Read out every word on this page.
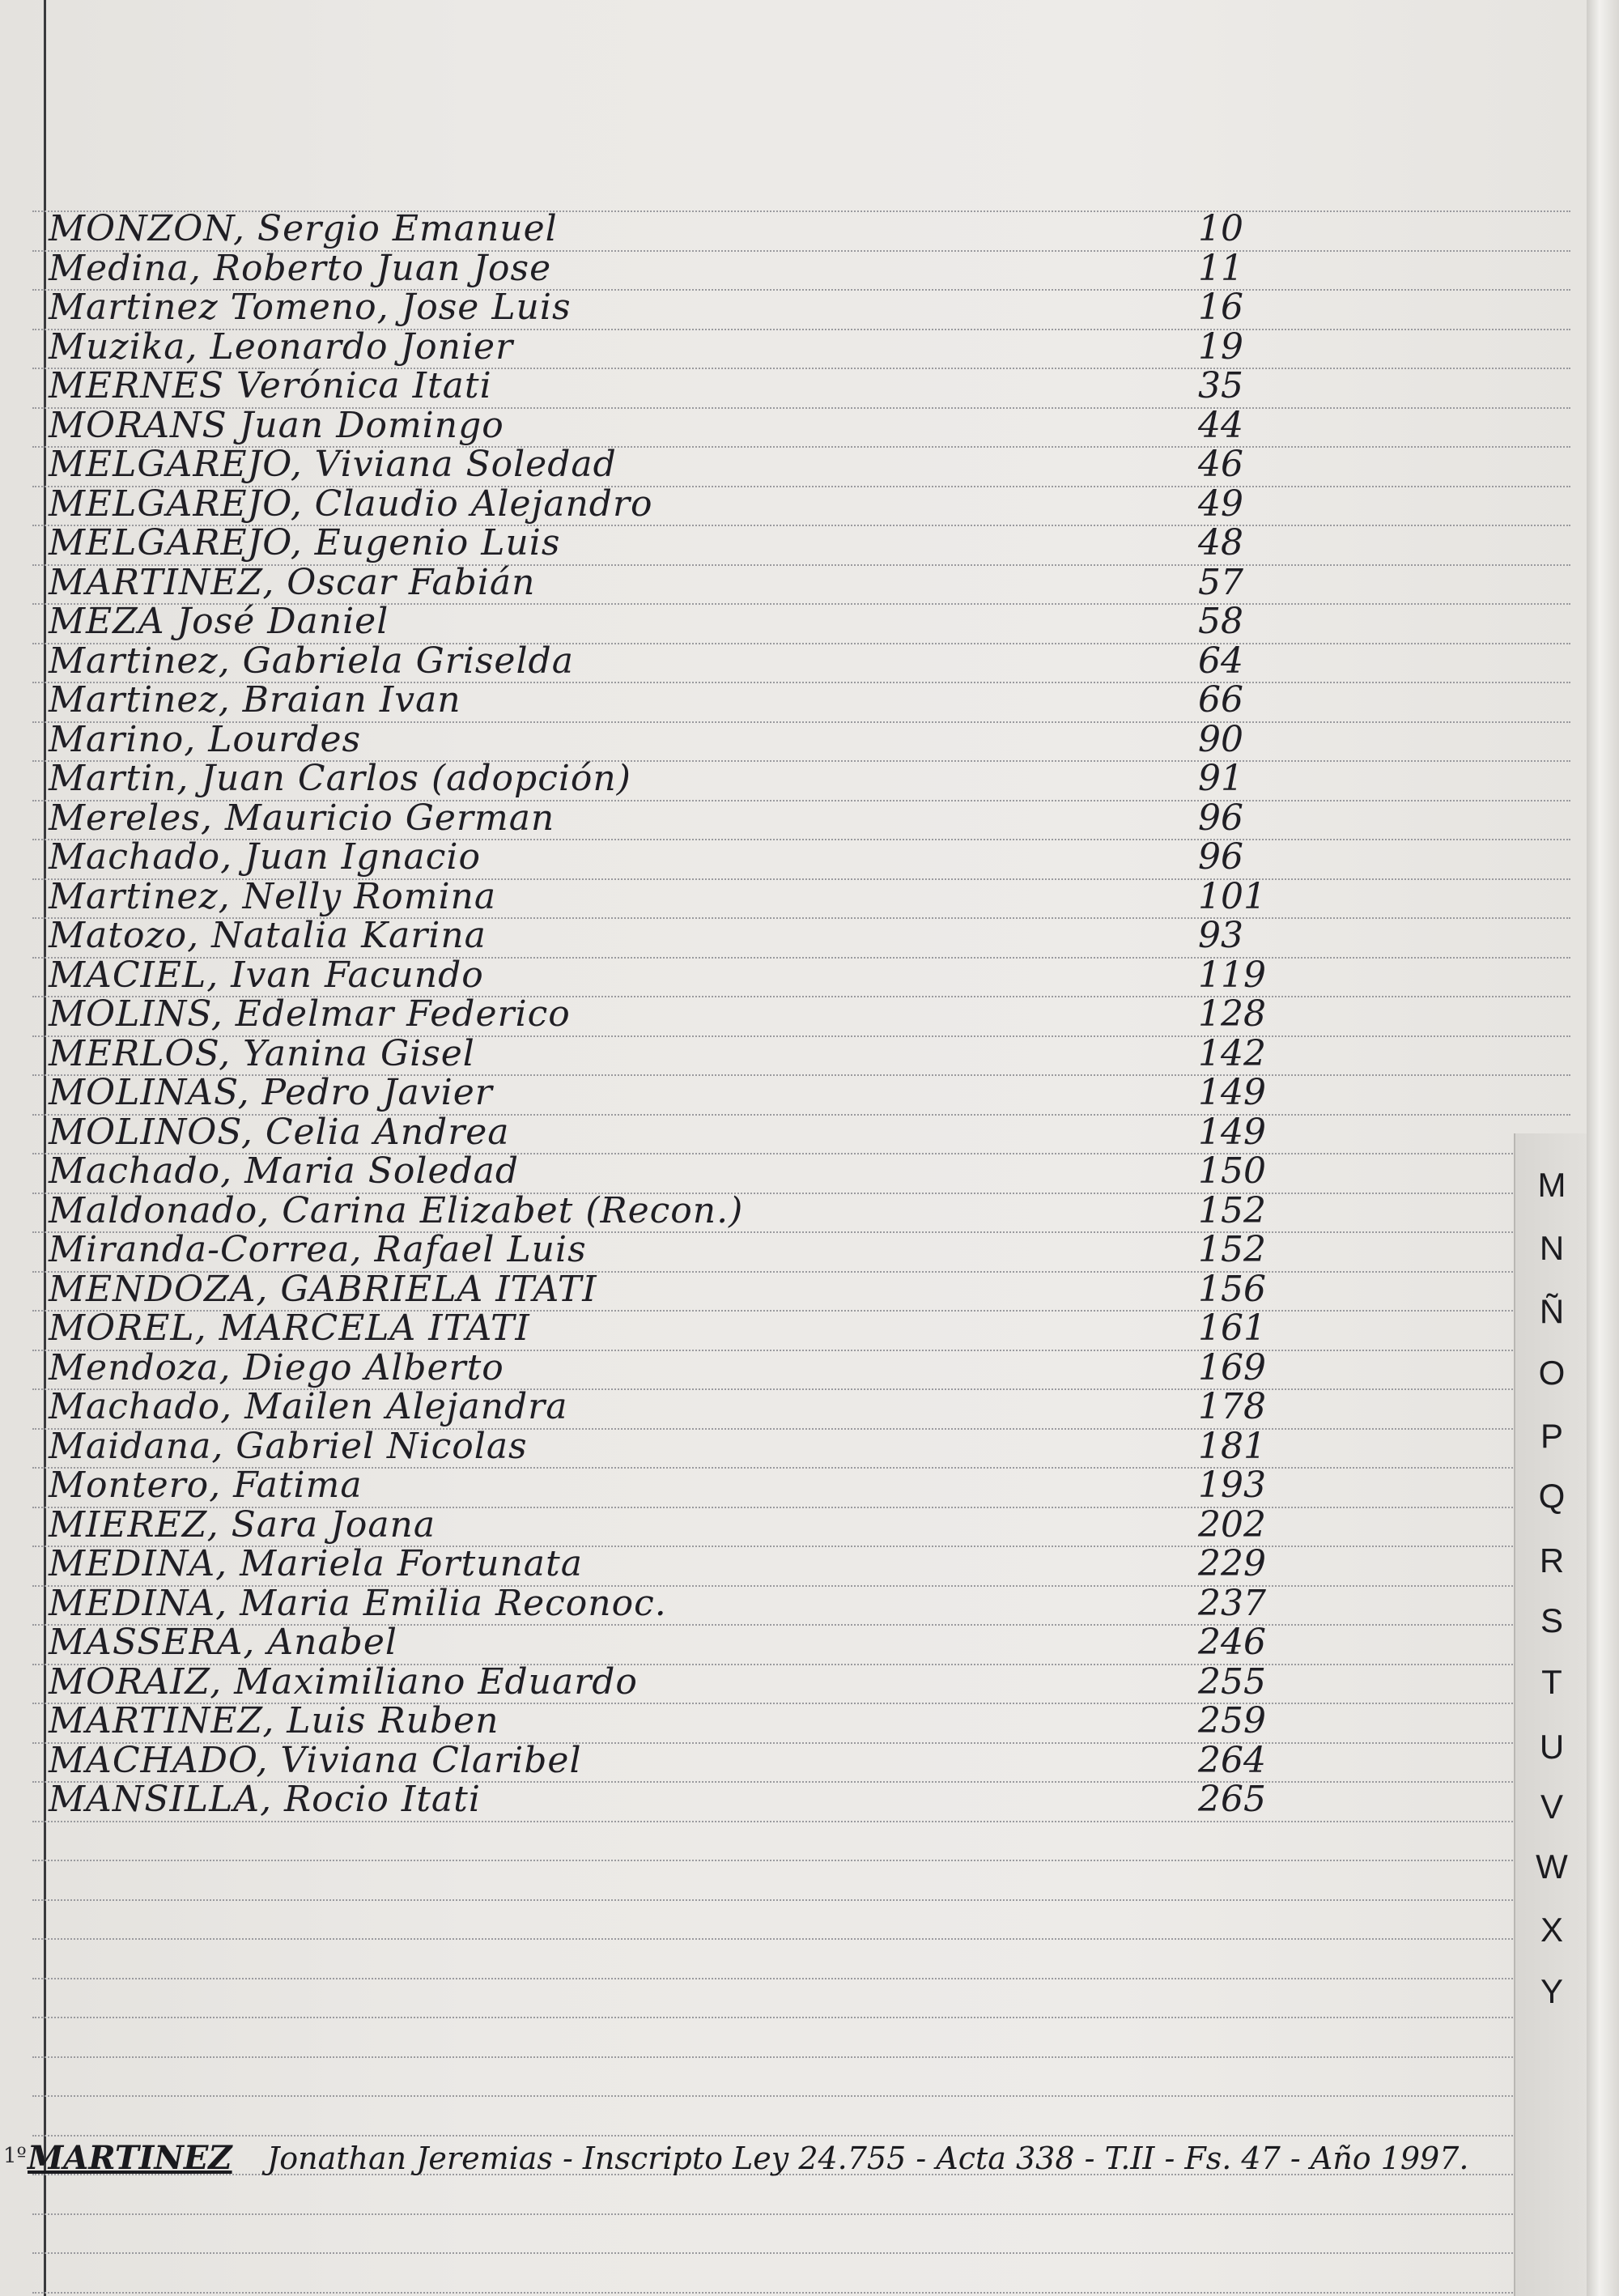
MONZON, Sergio Emanuel	10
Medina, Roberto Juan Jose	11
Martinez Tomeno, Jose Luis	16
Muzika, Leonardo Jonier	19
MERNES Verónica Itati	35
MORANS Juan Domingo	44
MELGAREJO, Viviana Soledad	46
MELGAREJO, Claudio Alejandro	49
MELGAREJO, Eugenio Luis	48
MARTINEZ, Oscar Fabián	57
MEZA José Daniel	58
Martinez, Gabriela Griselda	64
Martinez, Braian Ivan	66
Marino, Lourdes	90
Martin, Juan Carlos (adopción)	91
Mereles, Mauricio German	96
Machado, Juan Ignacio	96
Martinez, Nelly Romina	101
Matozo, Natalia Karina	93
MACIEL, Ivan Facundo	119
MOLINS, Edelmar Federico	128
MERLOS, Yanina Gisel	142
MOLINAS, Pedro Javier	149
MOLINOS, Celia Andrea	149
Machado, Maria Soledad	150
Maldonado, Carina Elizabet (Recon.)	152
Miranda-Correa, Rafael Luis	152
MENDOZA, GABRIELA ITATI	156
MOREL, MARCELA ITATI	161
Mendoza, Diego Alberto	169
Machado, Mailen Alejandra	178
Maidana, Gabriel Nicolas	181
Montero, Fatima	193
MIEREZ, Sara Joana	202
MEDINA, Mariela Fortunata	229
MEDINA, Maria Emilia Reconoc.	237
MASSERA, Anabel	246
MORAIZ, Maximiliano Eduardo	255
MARTINEZ, Luis Ruben	259
MACHADO, Viviana Claribel	264
MANSILLA, Rocio Itati	265
1º MARTINEZ Jonathan Jeremias - Inscripto Ley 24.755 - Acta 338 - T.II - Fs. 47 - Año 1997.
M
N
Ñ
O
P
Q
R
S
T
U
V
W
X
Y
